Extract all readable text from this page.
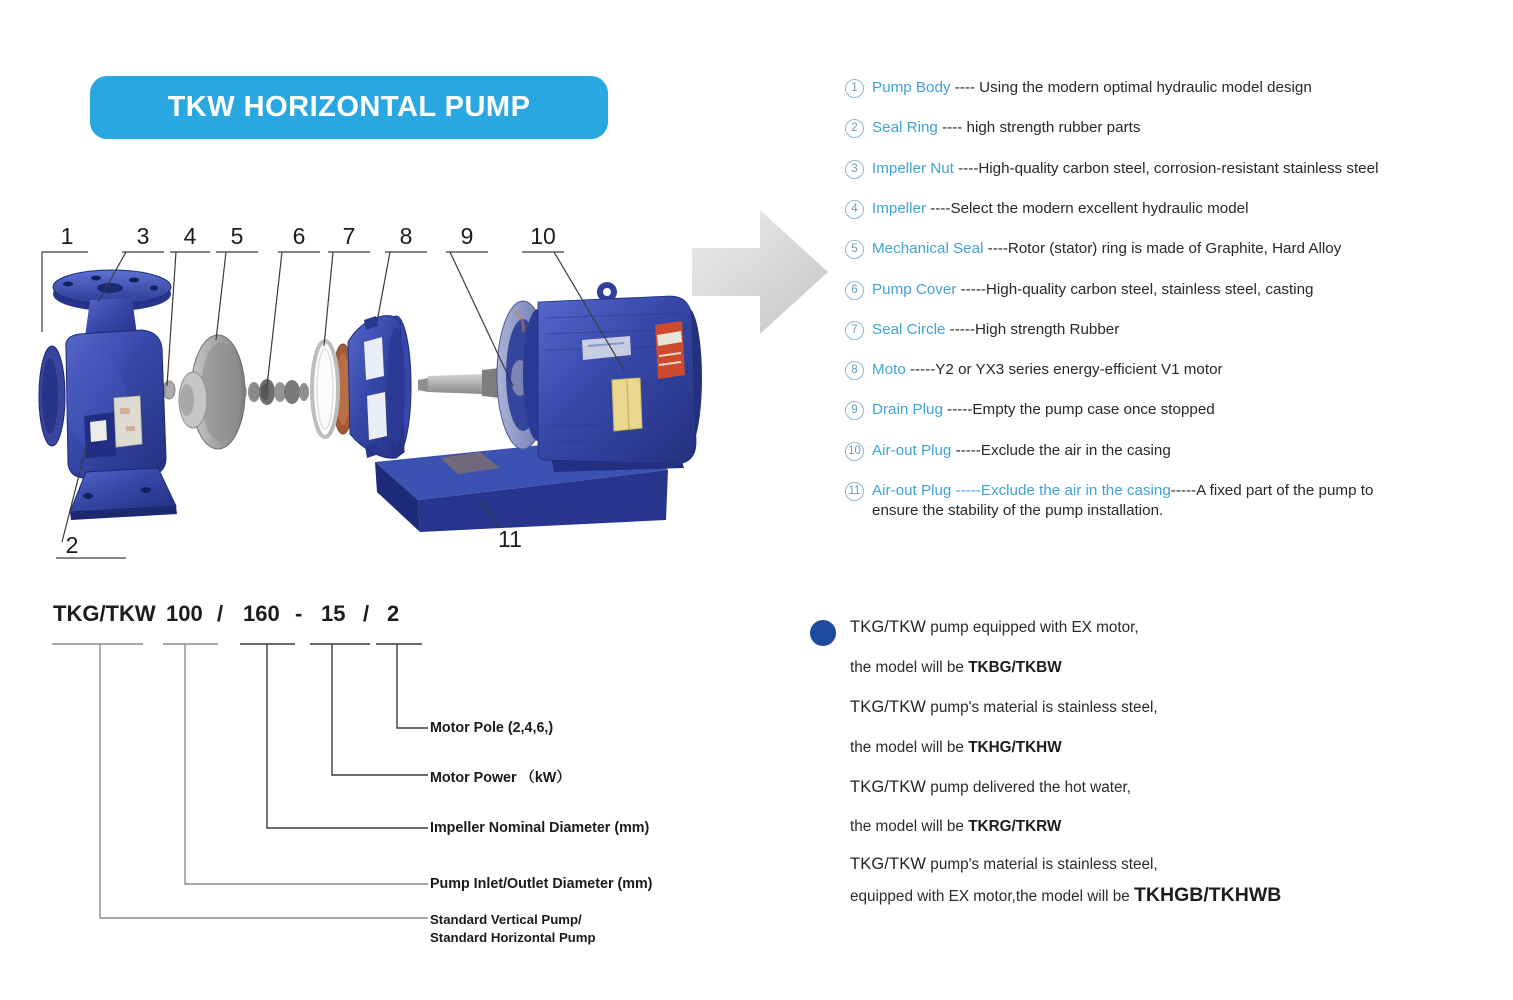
TKW HORIZONTAL PUMP
1	3 4 5 6 7 8 9 10
2	11
1 Pump Body ---- Using the modern optimal hydraulic model design
2 Seal Ring ---- high strength rubber parts
3 Impeller Nut ----High-quality carbon steel, corrosion-resistant stainless steel
4 Impeller ----Select the modern excellent hydraulic model
5 Mechanical Seal ----Rotor (stator) ring is made of Graphite, Hard Alloy
6 Pump Cover -----High-quality carbon steel, stainless steel, casting
7 Seal Circle -----High strength Rubber
8 Moto -----Y2 or YX3 series energy-efficient V1 motor
9 Drain Plug -----Empty the pump case once stopped
10 Air-out Plug -----Exclude the air in the casing
11 Air-out Plug -----Exclude the air in the casing-----A fixed part of the pump to
ensure the stability of the pump installation.
TKG/TKW 100 / 160 - 15 / 2
Motor Pole (2,4,6,)
Motor Power （kW）
Impeller Nominal Diameter (mm)
Pump Inlet/Outlet Diameter (mm)
Standard Vertical Pump/
Standard Horizontal Pump
TKG/TKW pump equipped with EX motor,
the model will be TKBG/TKBW
TKG/TKW pump's material is stainless steel,
the model will be TKHG/TKHW
TKG/TKW pump delivered the hot water,
the model will be TKRG/TKRW
TKG/TKW pump's material is stainless steel,
equipped with EX motor,the model will be TKHGB/TKHWB
